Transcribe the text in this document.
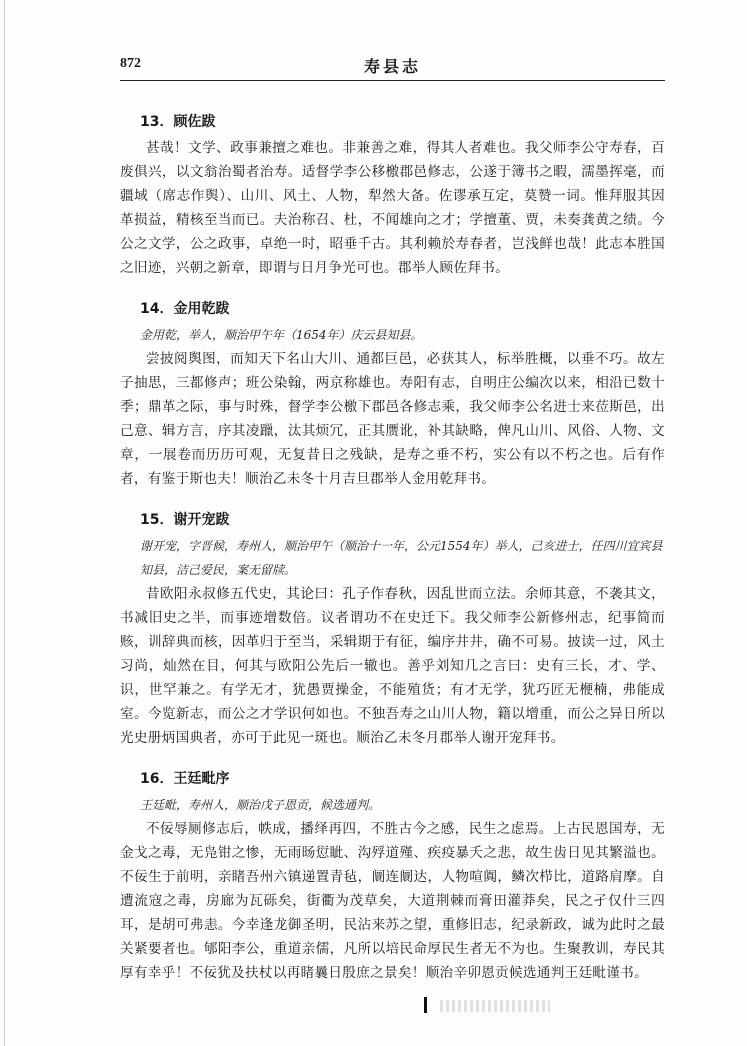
872	寿县志
13．顾佐跋

甚哉！文学、政事兼擅之难也。非兼善之难，得其人者难也。我父师李公守寿春，百废俱兴，以文翁治蜀者治寿。适督学李公移檄郡邑修志，公遂于簿书之暇，濡墨挥毫，而疆域（席志作舆）、山川、风土、人物，犁然大备。佐谬承互定，莫赞一词。惟拜服其因革损益，精核至当而已。夫治称召、杜，不闻雄向之才；学擅董、贾，未奏龚黄之绩。今公之文学，公之政事，卓绝一时，昭垂千古。其利赖於寿春者，岂浅鲜也哉！此志本胜国之旧迹，兴朝之新章，即谓与日月争光可也。郡举人顾佐拜书。

14．金用乾跋
金用乾，举人，顺治甲午年（1654年）庆云县知县。

尝披阅舆图，而知天下名山大川、通都巨邑，必获其人，标举胜概，以垂不巧。故左子抽思，三都修声；班公染翰，两京称雄也。寿阳有志，自明庄公编次以来，相沿已数十季；鼎革之际，事与时殊，督学李公檄下郡邑各修志乘，我父师李公名进士来莅斯邑，出己意、辑方言，序其凌躐，汰其烦冗，正其赝讹，补其缺略，俾凡山川、风俗、人物、文章，一展卷而历历可观，无复昔日之残缺，是寿之垂不朽，实公有以不朽之也。后有作者，有鉴于斯也夫！顺治乙未冬十月吉旦郡举人金用乾拜书。

15．谢开宠跋
谢开宠，字晋候，寿州人，顺治甲午（顺治十一年，公元1554年）举人，己亥进士，任四川宜宾县知县，洁己爱民，案无留牍。

昔欧阳永叔修五代史，其论曰：孔子作春秋，因乱世而立法。余师其意，不袭其文，书减旧史之半，而事迹增数倍。议者谓功不在史迁下。我父师李公新修州志，纪事简而赅，训辞典而核，因革归于至当，采辑期于有征，编序井井，确不可易。披读一过，风土习尚，灿然在目，何其与欧阳公先后一辙也。善乎刘知几之言曰：史有三长，才、学、识，世罕兼之。有学无才，犹愚贾操金，不能殖货；有才无学，犹巧匠无楩楠，弗能成室。今览新志，而公之才学识何如也。不独吾寿之山川人物，籍以增重，而公之异日所以光史册炳国典者，亦可于此见一斑也。顺治乙未冬月郡举人谢开宠拜书。

16．王廷毗序
王廷毗，寿州人，顺治戊子恩贡，候选通判。

不佞辱厕修志后，帙成，播绎再四，不胜古今之感，民生之虑焉。上古民恩国寿，无金戈之毒，无凫钳之惨，无雨旸愆眦、沟殍道殣、疾疫暴夭之悲，故生齿日见其繁溢也。不佞生于前明，亲睹吾州六镇递置青毡，阛连阛达，人物喧阗，鳞次栉比，道路肩摩。自遭流寇之毒，房廊为瓦砾矣，街衢为茂草矣，大道荆棘而膏田灌莽矣，民之孑仅什三四耳，是胡可弗恚。今幸逢龙御圣明，民沾来苏之望，重修旧志，纪录新政，诚为此时之最关紧要者也。郇阳李公，重道亲儒，凡所以培民命厚民生者无不为也。生聚教训，寿民其厚有幸乎！不佞犹及扶杖以再睹曩日殷庶之景矣！顺治辛卯恩贡候选通判王廷毗谨书。
